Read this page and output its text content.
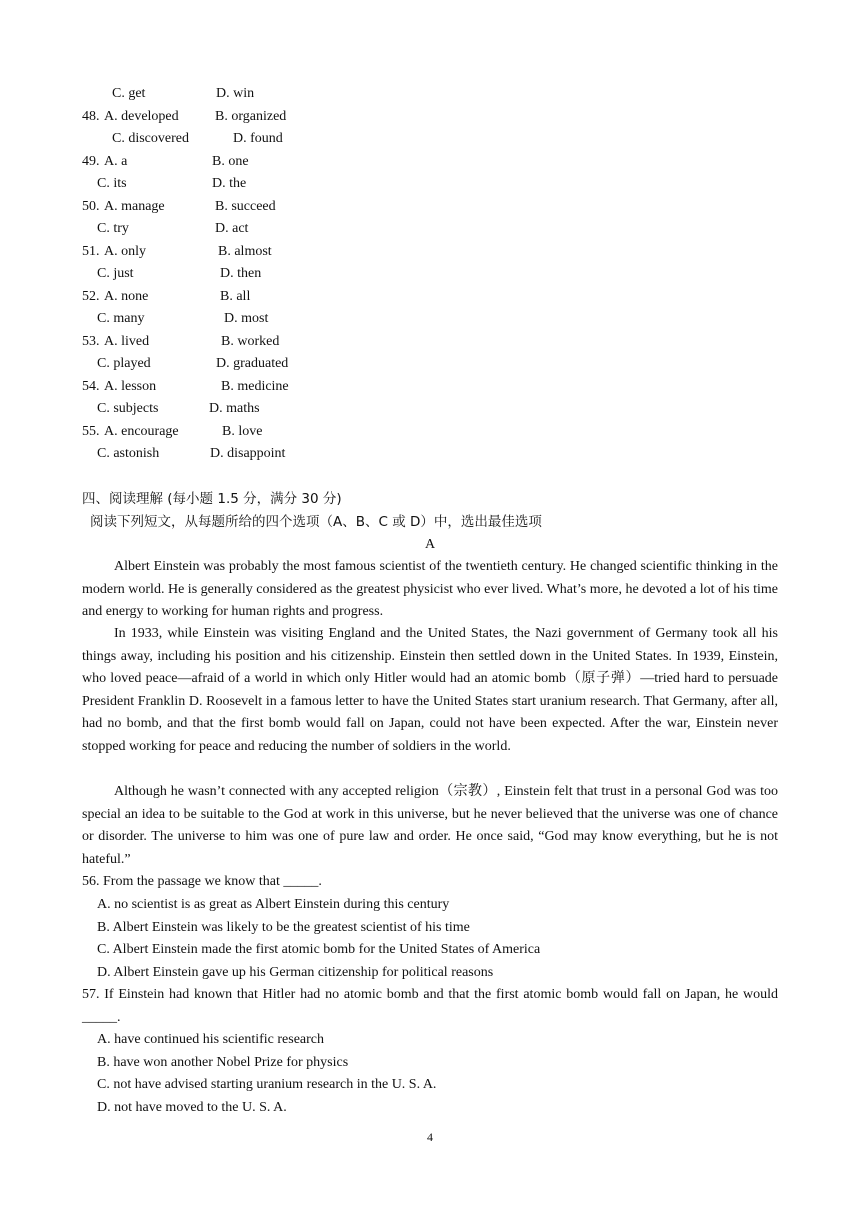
C. get	D. win
48. A. developed	B. organized
C. discovered	D. found
49. A. a	B. one
C. its	D. the
50. A. manage	B. succeed
C. try	D. act
51. A. only	B. almost
C. just	D. then
52. A. none	B. all
C. many	D. most
53. A. lived	B. worked
C. played	D. graduated
54. A. lesson	B. medicine
C. subjects	D. maths
55. A. encourage	B. love
C. astonish	D. disappoint
四、阅读理解 (每小题 1.5 分，满分 30 分)
阅读下列短文，从每题所给的四个选项（A、B、C 或 D）中，选出最佳选项
A
Albert Einstein was probably the most famous scientist of the twentieth century. He changed scientific thinking in the modern world. He is generally considered as the greatest physicist who ever lived. What’s more, he devoted a lot of his time and energy to working for human rights and progress.
In 1933, while Einstein was visiting England and the United States, the Nazi government of Germany took all his things away, including his position and his citizenship. Einstein then settled down in the United States. In 1939, Einstein, who loved peace—afraid of a world in which only Hitler would had an atomic bomb（原子弹）—tried hard to persuade President Franklin D. Roosevelt in a famous letter to have the United States start uranium research. That Germany, after all, had no bomb, and that the first bomb would fall on Japan, could not have been expected. After the war, Einstein never stopped working for peace and reducing the number of soldiers in the world.
Although he wasn’t connected with any accepted religion（宗教）, Einstein felt that trust in a personal God was too special an idea to be suitable to the God at work in this universe, but he never believed that the universe was one of chance or disorder. The universe to him was one of pure law and order. He once said, “God may know everything, but he is not hateful.”
56. From the passage we know that _____.
A. no scientist is as great as Albert Einstein during this century
B. Albert Einstein was likely to be the greatest scientist of his time
C. Albert Einstein made the first atomic bomb for the United States of America
D. Albert Einstein gave up his German citizenship for political reasons
57. If Einstein had known that Hitler had no atomic bomb and that the first atomic bomb would fall on Japan, he would _____.
A. have continued his scientific research
B. have won another Nobel Prize for physics
C. not have advised starting uranium research in the U. S. A.
D. not have moved to the U. S. A.
4
